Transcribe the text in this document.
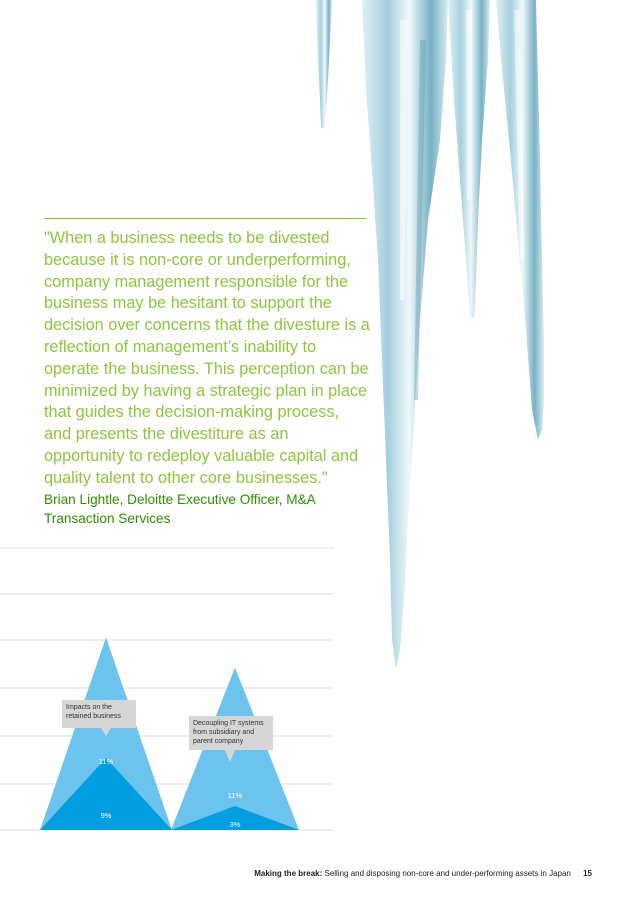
"When a business needs to be divested because it is non-core or underperforming, company management responsible for the business may be hesitant to support the decision over concerns that the divesture is a reflection of management’s inability to operate the business. This perception can be minimized by having a strategic plan in place that guides the decision-making process, and presents the divestiture as an opportunity to redeploy valuable capital and quality talent to other core businesses."
Brian Lightle, Deloitte Executive Officer, M&A Transaction Services
11%
11%
9%
3%
Impacts on the retained business
Decoupling IT systems from subsidiary and parent company
Making the break: Selling and disposing non-core and under-performing assets in Japan 15
